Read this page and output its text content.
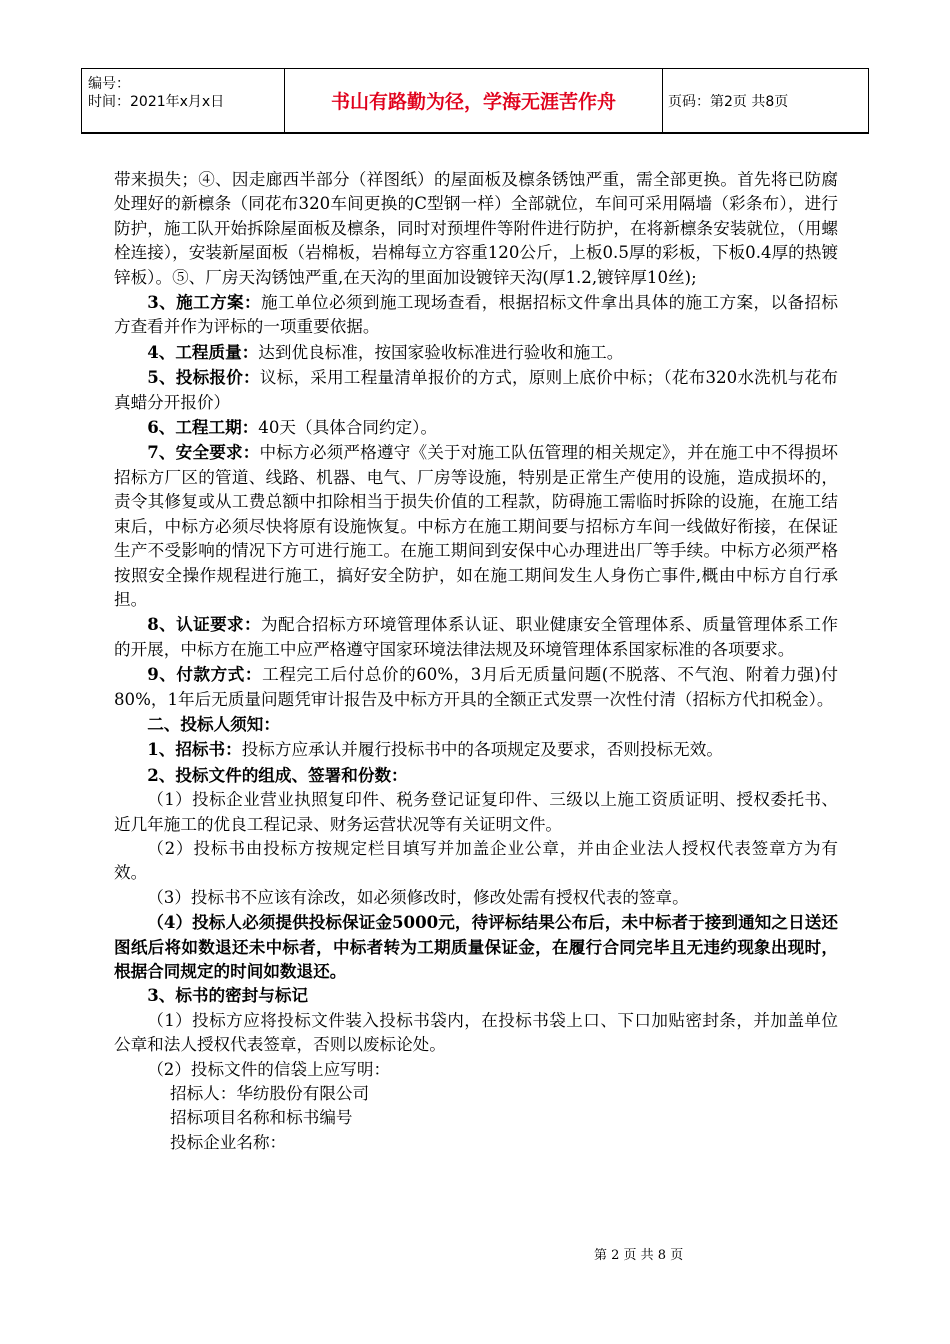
编号：
时间：2021年x月x日	书山有路勤为径，学海无涯苦作舟	页码：第2页 共8页

带来损失；④、因走廊西半部分（祥图纸）的屋面板及檩条锈蚀严重，需全部更换。首先将已防腐处理好的新檩条（同花布320车间更换的C型钢一样）全部就位，车间可采用隔墙（彩条布），进行防护，施工队开始拆除屋面板及檩条，同时对预埋件等附件进行防护，在将新檩条安装就位，（用螺栓连接），安装新屋面板（岩棉板，岩棉每立方容重120公斤，上板0.5厚的彩板，下板0.4厚的热镀锌板）。⑤、厂房天沟锈蚀严重,在天沟的里面加设镀锌天沟(厚1.2,镀锌厚10丝);

3、施工方案：施工单位必须到施工现场查看，根据招标文件拿出具体的施工方案，以备招标方查看并作为评标的一项重要依据。

4、工程质量：达到优良标准，按国家验收标准进行验收和施工。

5、投标报价：议标，采用工程量清单报价的方式，原则上底价中标；（花布320水洗机与花布真蜡分开报价）

6、工程工期：40天（具体合同约定）。

7、安全要求：中标方必须严格遵守《关于对施工队伍管理的相关规定》，并在施工中不得损坏招标方厂区的管道、线路、机器、电气、厂房等设施，特别是正常生产使用的设施，造成损坏的，责令其修复或从工费总额中扣除相当于损失价值的工程款，防碍施工需临时拆除的设施，在施工结束后，中标方必须尽快将原有设施恢复。中标方在施工期间要与招标方车间一线做好衔接，在保证生产不受影响的情况下方可进行施工。在施工期间到安保中心办理进出厂等手续。中标方必须严格按照安全操作规程进行施工，搞好安全防护，如在施工期间发生人身伤亡事件,概由中标方自行承担。

8、认证要求：为配合招标方环境管理体系认证、职业健康安全管理体系、质量管理体系工作的开展，中标方在施工中应严格遵守国家环境法律法规及环境管理体系国家标准的各项要求。

9、付款方式：工程完工后付总价的60%，3月后无质量问题(不脱落、不气泡、附着力强)付80%，1年后无质量问题凭审计报告及中标方开具的全额正式发票一次性付清（招标方代扣税金）。

二、投标人须知：

1、招标书：投标方应承认并履行投标书中的各项规定及要求，否则投标无效。

2、投标文件的组成、签署和份数：

（1）投标企业营业执照复印件、税务登记证复印件、三级以上施工资质证明、授权委托书、近几年施工的优良工程记录、财务运营状况等有关证明文件。

（2）投标书由投标方按规定栏目填写并加盖企业公章，并由企业法人授权代表签章方为有效。

（3）投标书不应该有涂改，如必须修改时，修改处需有授权代表的签章。

（4）投标人必须提供投标保证金5000元，待评标结果公布后，未中标者于接到通知之日送还图纸后将如数退还未中标者，中标者转为工期质量保证金，在履行合同完毕且无违约现象出现时，根据合同规定的时间如数退还。

3、标书的密封与标记

（1）投标方应将投标文件装入投标书袋内，在投标书袋上口、下口加贴密封条，并加盖单位公章和法人授权代表签章，否则以废标论处。

（2）投标文件的信袋上应写明：

招标人：华纺股份有限公司

招标项目名称和标书编号

投标企业名称：

第 2 页 共 8 页
